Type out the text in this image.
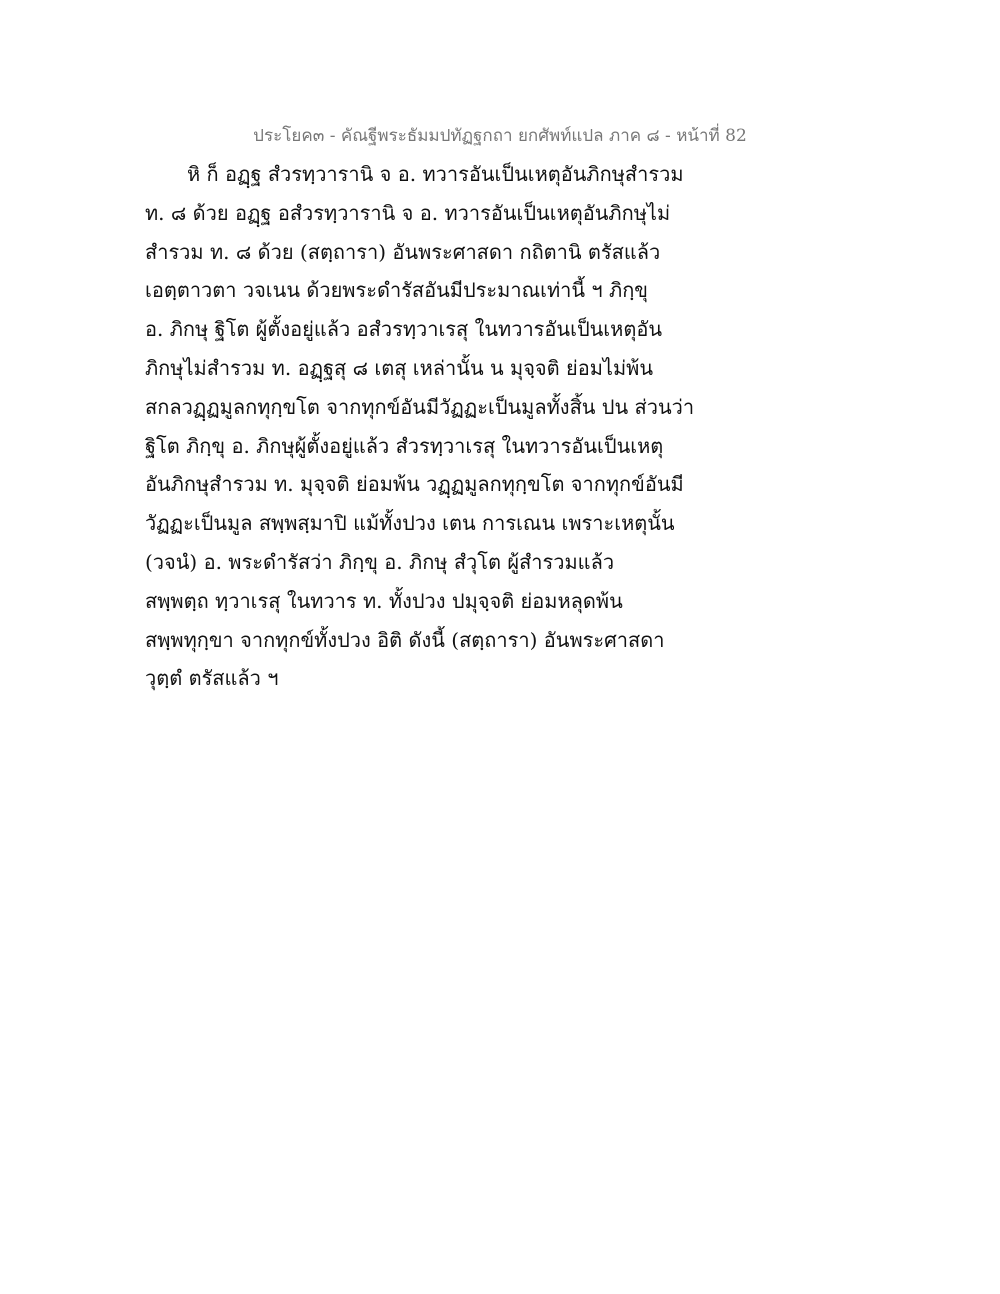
ประโยค๓ - คัณฐีพระธัมมปทัฏฐกถา ยกศัพท์แปล ภาค ๘ - หน้าที่ 82
หิ ก็ อฏฺฐ สํวรทฺวารานิ จ อ. ทวารอันเป็นเหตุอันภิกษุสำรวม
ท. ๘ ด้วย อฏฺฐ อสํวรทฺวารานิ จ อ. ทวารอันเป็นเหตุอันภิกษุไม่
สำรวม ท. ๘ ด้วย (สตฺถารา) อันพระศาสดา กถิตานิ ตรัสแล้ว
เอตฺตาวตา วจเนน ด้วยพระดำรัสอันมีประมาณเท่านี้ ฯ ภิกฺขุ
อ. ภิกษุ ฐิโต ผู้ตั้งอยู่แล้ว อสํวรทฺวาเรสุ ในทวารอันเป็นเหตุอัน
ภิกษุไม่สำรวม ท. อฏฺฐสุ ๘ เตสุ เหล่านั้น น มุจฺจติ ย่อมไม่พ้น
สกลวฏฺฏมูลกทุกฺขโต จากทุกข์อันมีวัฏฏะเป็นมูลทั้งสิ้น ปน ส่วนว่า
ฐิโต ภิกฺขุ อ. ภิกษุผู้ตั้งอยู่แล้ว สํวรทฺวาเรสุ ในทวารอันเป็นเหตุ
อันภิกษุสำรวม ท. มุจฺจติ ย่อมพ้น วฏฺฏมูลกทุกฺขโต จากทุกข์อันมี
วัฏฏะเป็นมูล สพฺพสฺมาปิ แม้ทั้งปวง เตน การเณน เพราะเหตุนั้น
(วจนํ) อ. พระดำรัสว่า ภิกฺขุ อ. ภิกษุ สํวุโต ผู้สำรวมแล้ว
สพฺพตฺถ ทฺวาเรสุ ในทวาร ท. ทั้งปวง ปมุจฺจติ ย่อมหลุดพ้น
สพฺพทุกฺขา จากทุกข์ทั้งปวง อิติ ดังนี้ (สตฺถารา) อันพระศาสดา
วุตฺตํ ตรัสแล้ว ฯ
